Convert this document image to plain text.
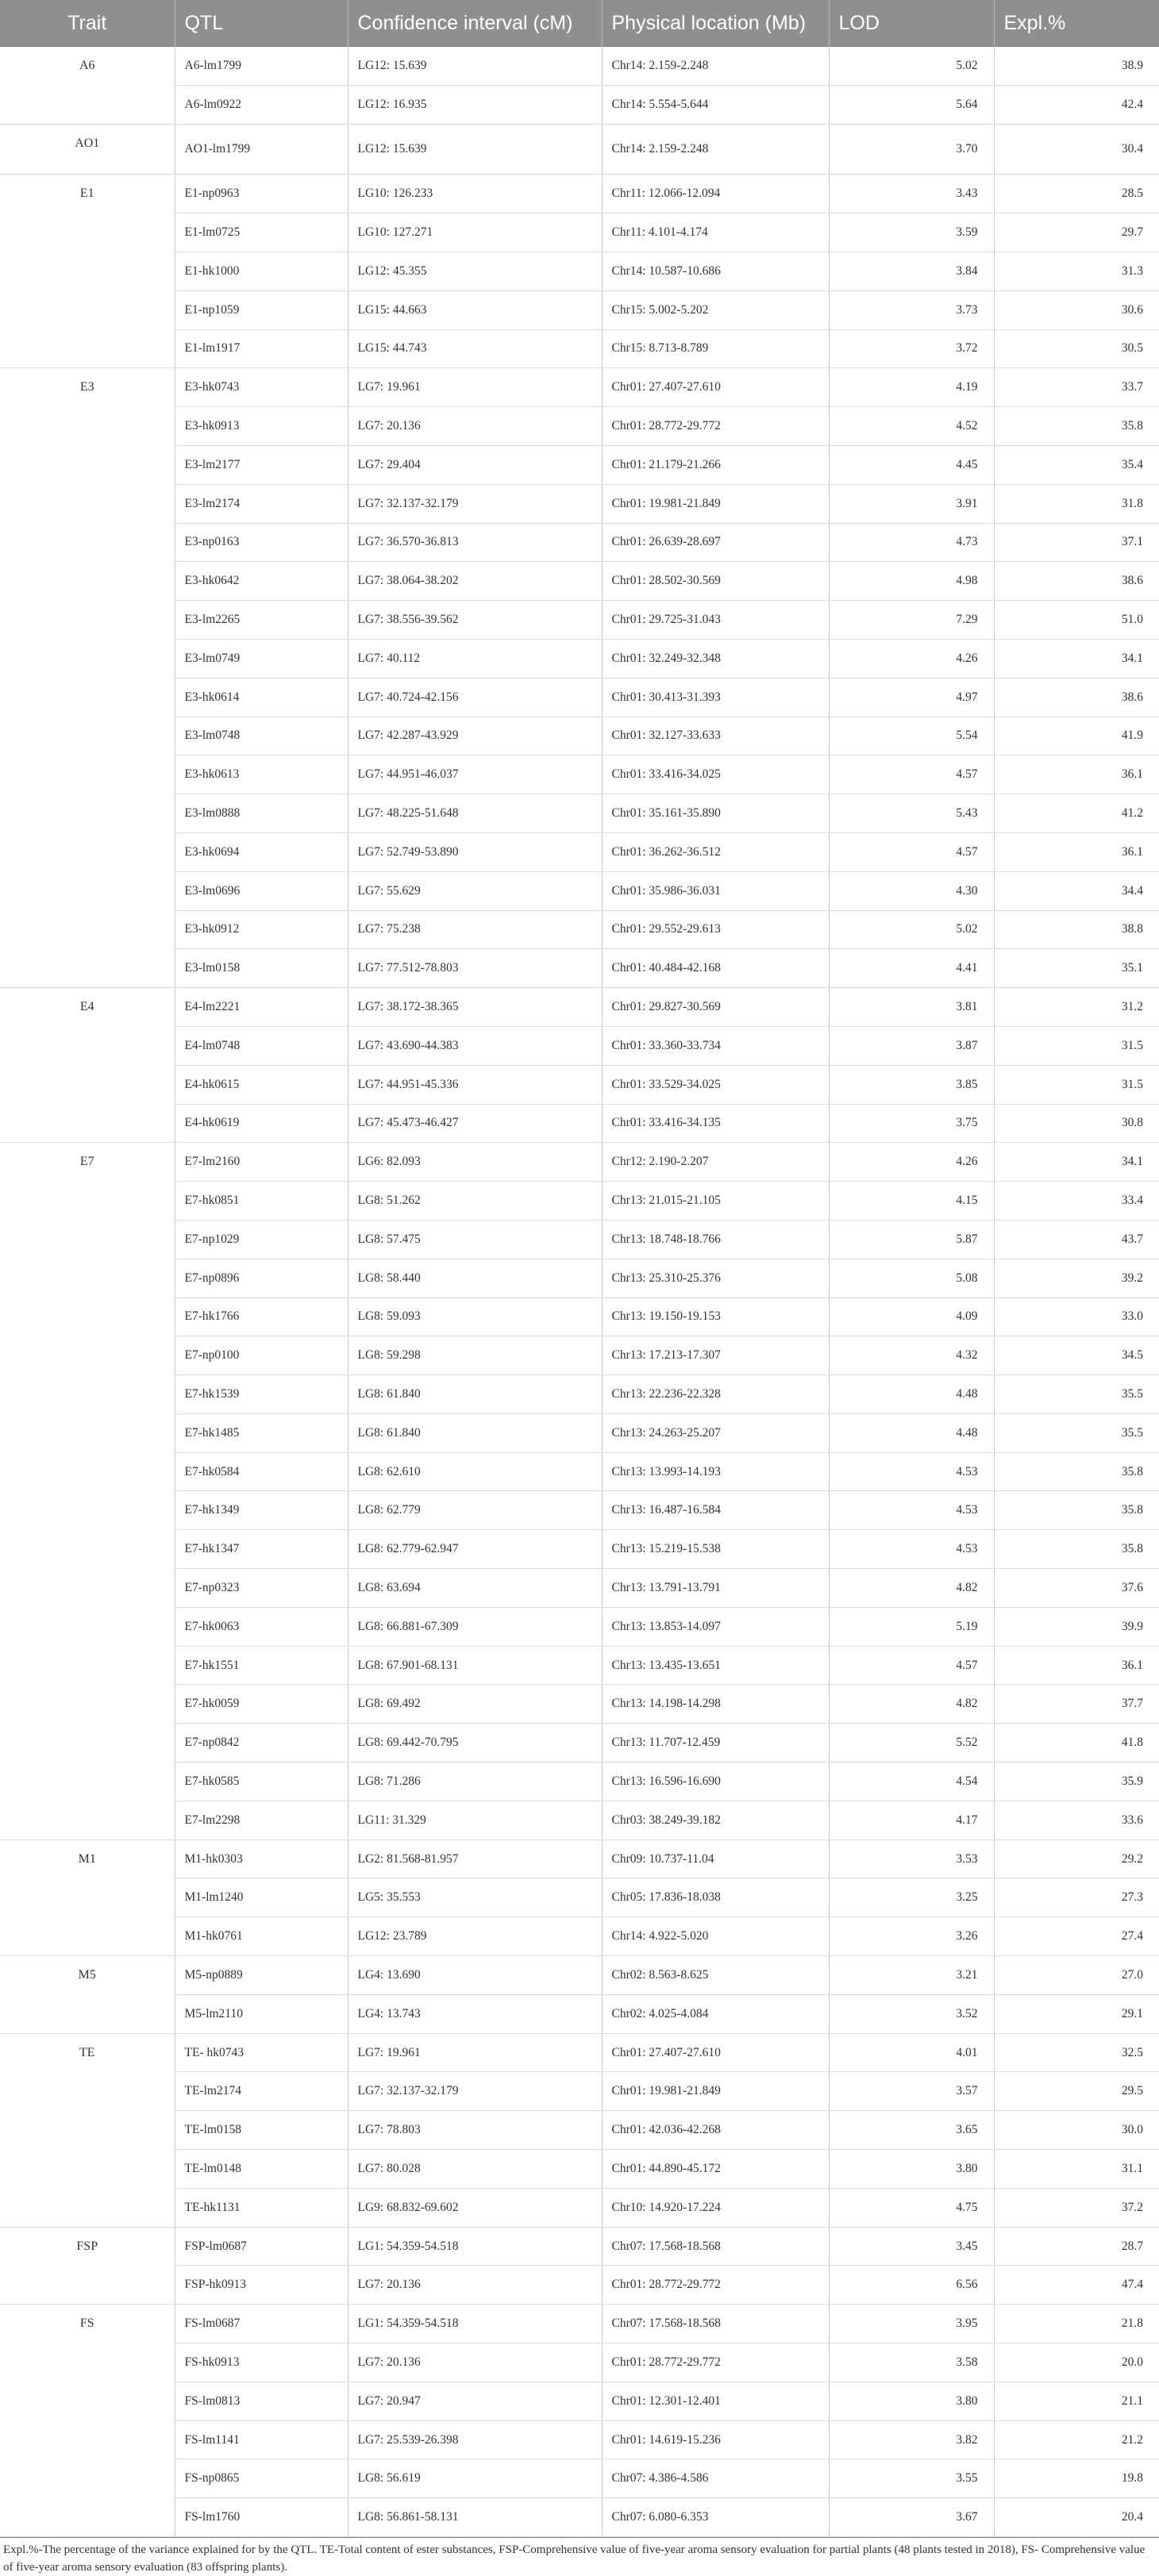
Trait	QTL	Confidence interval (cM)	Physical location (Mb)	LOD	Expl.%
A6	A6-lm1799	LG12: 15.639	Chr14: 2.159-2.248	5.02	38.9
	A6-lm0922	LG12: 16.935	Chr14: 5.554-5.644	5.64	42.4
AO1	AO1-lm1799	LG12: 15.639	Chr14: 2.159-2.248	3.70	30.4
E1	E1-np0963	LG10: 126.233	Chr11: 12.066-12.094	3.43	28.5
	E1-lm0725	LG10: 127.271	Chr11: 4.101-4.174	3.59	29.7
	E1-hk1000	LG12: 45.355	Chr14: 10.587-10.686	3.84	31.3
	E1-np1059	LG15: 44.663	Chr15: 5.002-5.202	3.73	30.6
	E1-lm1917	LG15: 44.743	Chr15: 8.713-8.789	3.72	30.5
E3	E3-hk0743	LG7: 19.961	Chr01: 27.407-27.610	4.19	33.7
	E3-hk0913	LG7: 20.136	Chr01: 28.772-29.772	4.52	35.8
	E3-lm2177	LG7: 29.404	Chr01: 21.179-21.266	4.45	35.4
	E3-lm2174	LG7: 32.137-32.179	Chr01: 19.981-21.849	3.91	31.8
	E3-np0163	LG7: 36.570-36.813	Chr01: 26.639-28.697	4.73	37.1
	E3-hk0642	LG7: 38.064-38.202	Chr01: 28.502-30.569	4.98	38.6
	E3-lm2265	LG7: 38.556-39.562	Chr01: 29.725-31.043	7.29	51.0
	E3-lm0749	LG7: 40.112	Chr01: 32.249-32.348	4.26	34.1
	E3-hk0614	LG7: 40.724-42.156	Chr01: 30.413-31.393	4.97	38.6
	E3-lm0748	LG7: 42.287-43.929	Chr01: 32.127-33.633	5.54	41.9
	E3-hk0613	LG7: 44.951-46.037	Chr01: 33.416-34.025	4.57	36.1
	E3-lm0888	LG7: 48.225-51.648	Chr01: 35.161-35.890	5.43	41.2
	E3-hk0694	LG7: 52.749-53.890	Chr01: 36.262-36.512	4.57	36.1
	E3-lm0696	LG7: 55.629	Chr01: 35.986-36.031	4.30	34.4
	E3-hk0912	LG7: 75.238	Chr01: 29.552-29.613	5.02	38.8
	E3-lm0158	LG7: 77.512-78.803	Chr01: 40.484-42.168	4.41	35.1
E4	E4-lm2221	LG7: 38.172-38.365	Chr01: 29.827-30.569	3.81	31.2
	E4-lm0748	LG7: 43.690-44.383	Chr01: 33.360-33.734	3.87	31.5
	E4-hk0615	LG7: 44.951-45.336	Chr01: 33.529-34.025	3.85	31.5
	E4-hk0619	LG7: 45.473-46.427	Chr01: 33.416-34.135	3.75	30.8
E7	E7-lm2160	LG6: 82.093	Chr12: 2.190-2.207	4.26	34.1
	E7-hk0851	LG8: 51.262	Chr13: 21.015-21.105	4.15	33.4
	E7-np1029	LG8: 57.475	Chr13: 18.748-18.766	5.87	43.7
	E7-np0896	LG8: 58.440	Chr13: 25.310-25.376	5.08	39.2
	E7-hk1766	LG8: 59.093	Chr13: 19.150-19.153	4.09	33.0
	E7-np0100	LG8: 59.298	Chr13: 17.213-17.307	4.32	34.5
	E7-hk1539	LG8: 61.840	Chr13: 22.236-22.328	4.48	35.5
	E7-hk1485	LG8: 61.840	Chr13: 24.263-25.207	4.48	35.5
	E7-hk0584	LG8: 62.610	Chr13: 13.993-14.193	4.53	35.8
	E7-hk1349	LG8: 62.779	Chr13: 16.487-16.584	4.53	35.8
	E7-hk1347	LG8: 62.779-62.947	Chr13: 15.219-15.538	4.53	35.8
	E7-np0323	LG8: 63.694	Chr13: 13.791-13.791	4.82	37.6
	E7-hk0063	LG8: 66.881-67.309	Chr13: 13.853-14.097	5.19	39.9
	E7-hk1551	LG8: 67.901-68.131	Chr13: 13.435-13.651	4.57	36.1
	E7-hk0059	LG8: 69.492	Chr13: 14.198-14.298	4.82	37.7
	E7-np0842	LG8: 69.442-70.795	Chr13: 11.707-12.459	5.52	41.8
	E7-hk0585	LG8: 71.286	Chr13: 16.596-16.690	4.54	35.9
	E7-lm2298	LG11: 31.329	Chr03: 38.249-39.182	4.17	33.6
M1	M1-hk0303	LG2: 81.568-81.957	Chr09: 10.737-11.04	3.53	29.2
	M1-lm1240	LG5: 35.553	Chr05: 17.836-18.038	3.25	27.3
	M1-hk0761	LG12: 23.789	Chr14: 4.922-5.020	3.26	27.4
M5	M5-np0889	LG4: 13.690	Chr02: 8.563-8.625	3.21	27.0
	M5-lm2110	LG4: 13.743	Chr02: 4.025-4.084	3.52	29.1
TE	TE- hk0743	LG7: 19.961	Chr01: 27.407-27.610	4.01	32.5
	TE-lm2174	LG7: 32.137-32.179	Chr01: 19.981-21.849	3.57	29.5
	TE-lm0158	LG7: 78.803	Chr01: 42.036-42.268	3.65	30.0
	TE-lm0148	LG7: 80.028	Chr01: 44.890-45.172	3.80	31.1
	TE-hk1131	LG9: 68.832-69.602	Chr10: 14.920-17.224	4.75	37.2
FSP	FSP-lm0687	LG1: 54.359-54.518	Chr07: 17.568-18.568	3.45	28.7
	FSP-hk0913	LG7: 20.136	Chr01: 28.772-29.772	6.56	47.4
FS	FS-lm0687	LG1: 54.359-54.518	Chr07: 17.568-18.568	3.95	21.8
	FS-hk0913	LG7: 20.136	Chr01: 28.772-29.772	3.58	20.0
	FS-lm0813	LG7: 20.947	Chr01: 12.301-12.401	3.80	21.1
	FS-lm1141	LG7: 25.539-26.398	Chr01: 14.619-15.236	3.82	21.2
	FS-np0865	LG8: 56.619	Chr07: 4.386-4.586	3.55	19.8
	FS-lm1760	LG8: 56.861-58.131	Chr07: 6.080-6.353	3.67	20.4
Expl.%-The percentage of the variance explained for by the QTL. TE-Total content of ester substances, FSP-Comprehensive value of five-year aroma sensory evaluation for partial plants (48 plants tested in 2018), FS- Comprehensive value of five-year aroma sensory evaluation (83 offspring plants).
